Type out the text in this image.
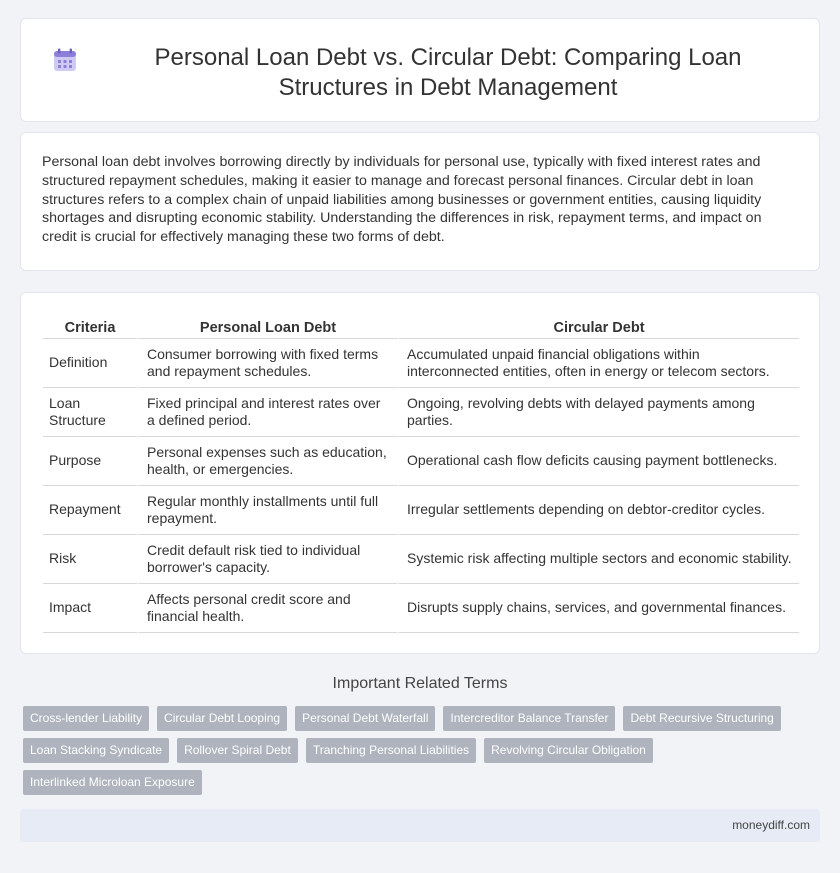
Personal Loan Debt vs. Circular Debt: Comparing Loan Structures in Debt Management

Personal loan debt involves borrowing directly by individuals for personal use, typically with fixed interest rates and structured repayment schedules, making it easier to manage and forecast personal finances. Circular debt in loan structures refers to a complex chain of unpaid liabilities among businesses or government entities, causing liquidity shortages and disrupting economic stability. Understanding the differences in risk, repayment terms, and impact on credit is crucial for effectively managing these two forms of debt.

Criteria	Personal Loan Debt	Circular Debt
Definition	Consumer borrowing with fixed terms and repayment schedules.	Accumulated unpaid financial obligations within interconnected entities, often in energy or telecom sectors.
Loan Structure	Fixed principal and interest rates over a defined period.	Ongoing, revolving debts with delayed payments among parties.
Purpose	Personal expenses such as education, health, or emergencies.	Operational cash flow deficits causing payment bottlenecks.
Repayment	Regular monthly installments until full repayment.	Irregular settlements depending on debtor-creditor cycles.
Risk	Credit default risk tied to individual borrower's capacity.	Systemic risk affecting multiple sectors and economic stability.
Impact	Affects personal credit score and financial health.	Disrupts supply chains, services, and governmental finances.
Important Related Terms
Cross-lender Liability	Circular Debt Looping	Personal Debt Waterfall	Intercreditor Balance Transfer	Debt Recursive Structuring
Loan Stacking Syndicate	Rollover Spiral Debt	Tranching Personal Liabilities	Revolving Circular Obligation
Interlinked Microloan Exposure
moneydiff.com
